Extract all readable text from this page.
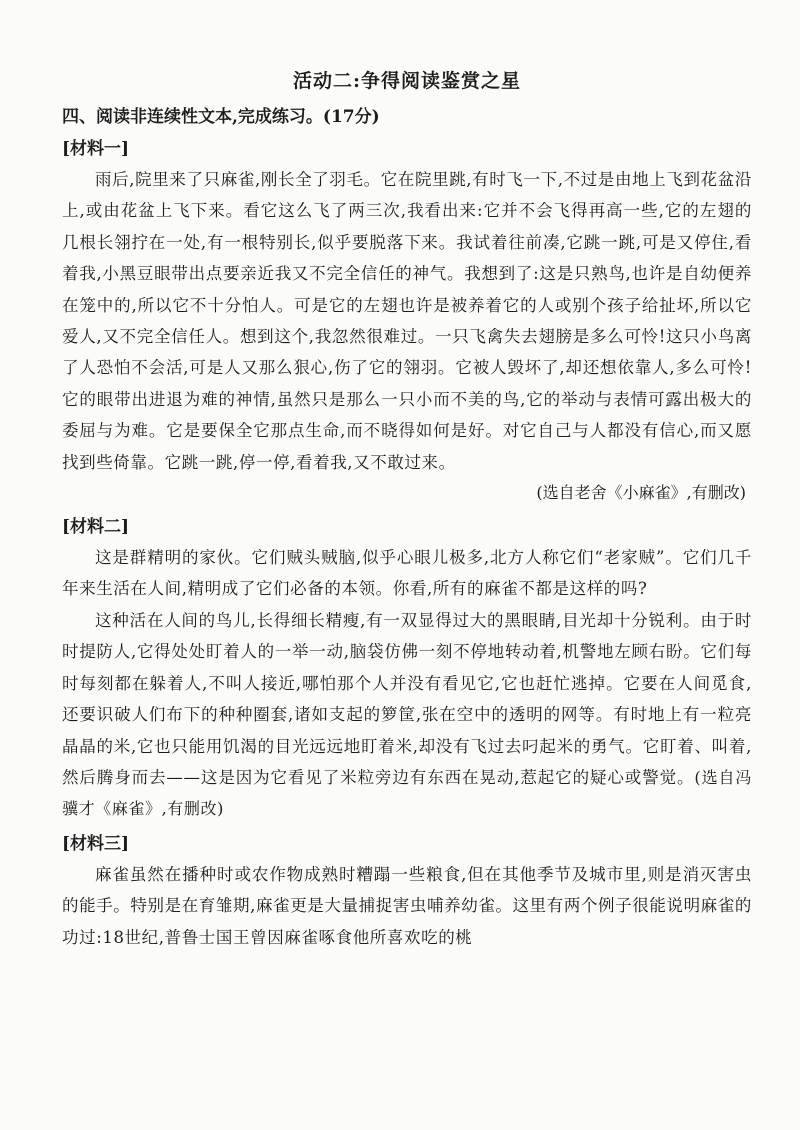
活动二:争得阅读鉴赏之星
四、阅读非连续性文本,完成练习。(17分)
[材料一]

雨后,院里来了只麻雀,刚长全了羽毛。它在院里跳,有时飞一下,不过是由地上飞到花盆沿上,或由花盆上飞下来。看它这么飞了两三次,我看出来:它并不会飞得再高一些,它的左翅的几根长翎拧在一处,有一根特别长,似乎要脱落下来。我试着往前凑,它跳一跳,可是又停住,看着我,小黑豆眼带出点要亲近我又不完全信任的神气。我想到了:这是只熟鸟,也许是自幼便养在笼中的,所以它不十分怕人。可是它的左翅也许是被养着它的人或别个孩子给扯坏,所以它爱人,又不完全信任人。想到这个,我忽然很难过。一只飞禽失去翅膀是多么可怜!这只小鸟离了人恐怕不会活,可是人又那么狠心,伤了它的翎羽。它被人毁坏了,却还想依靠人,多么可怜!它的眼带出进退为难的神情,虽然只是那么一只小而不美的鸟,它的举动与表情可露出极大的委屈与为难。它是要保全它那点生命,而不晓得如何是好。对它自己与人都没有信心,而又愿找到些倚靠。它跳一跳,停一停,看着我,又不敢过来。

(选自老舍《小麻雀》,有删改)
[材料二]

这是群精明的家伙。它们贼头贼脑,似乎心眼儿极多,北方人称它们“老家贼”。它们几千年来生活在人间,精明成了它们必备的本领。你看,所有的麻雀不都是这样的吗?

这种活在人间的鸟儿,长得细长精瘦,有一双显得过大的黑眼睛,目光却十分锐利。由于时时提防人,它得处处盯着人的一举一动,脑袋仿佛一刻不停地转动着,机警地左顾右盼。它们每时每刻都在躲着人,不叫人接近,哪怕那个人并没有看见它,它也赶忙逃掉。它要在人间觅食,还要识破人们布下的种种圈套,诸如支起的箩筐,张在空中的透明的网等。有时地上有一粒亮晶晶的米,它也只能用饥渴的目光远远地盯着米,却没有飞过去叼起米的勇气。它盯着、叫着,然后腾身而去——这是因为它看见了米粒旁边有东西在晃动,惹起它的疑心或警觉。(选自冯骥才《麻雀》,有删改)

[材料三]

麻雀虽然在播种时或农作物成熟时糟蹋一些粮食,但在其他季节及城市里,则是消灭害虫的能手。特别是在育雏期,麻雀更是大量捕捉害虫哺养幼雀。这里有两个例子很能说明麻雀的功过:18世纪,普鲁士国王曾因麻雀啄食他所喜欢吃的桃
